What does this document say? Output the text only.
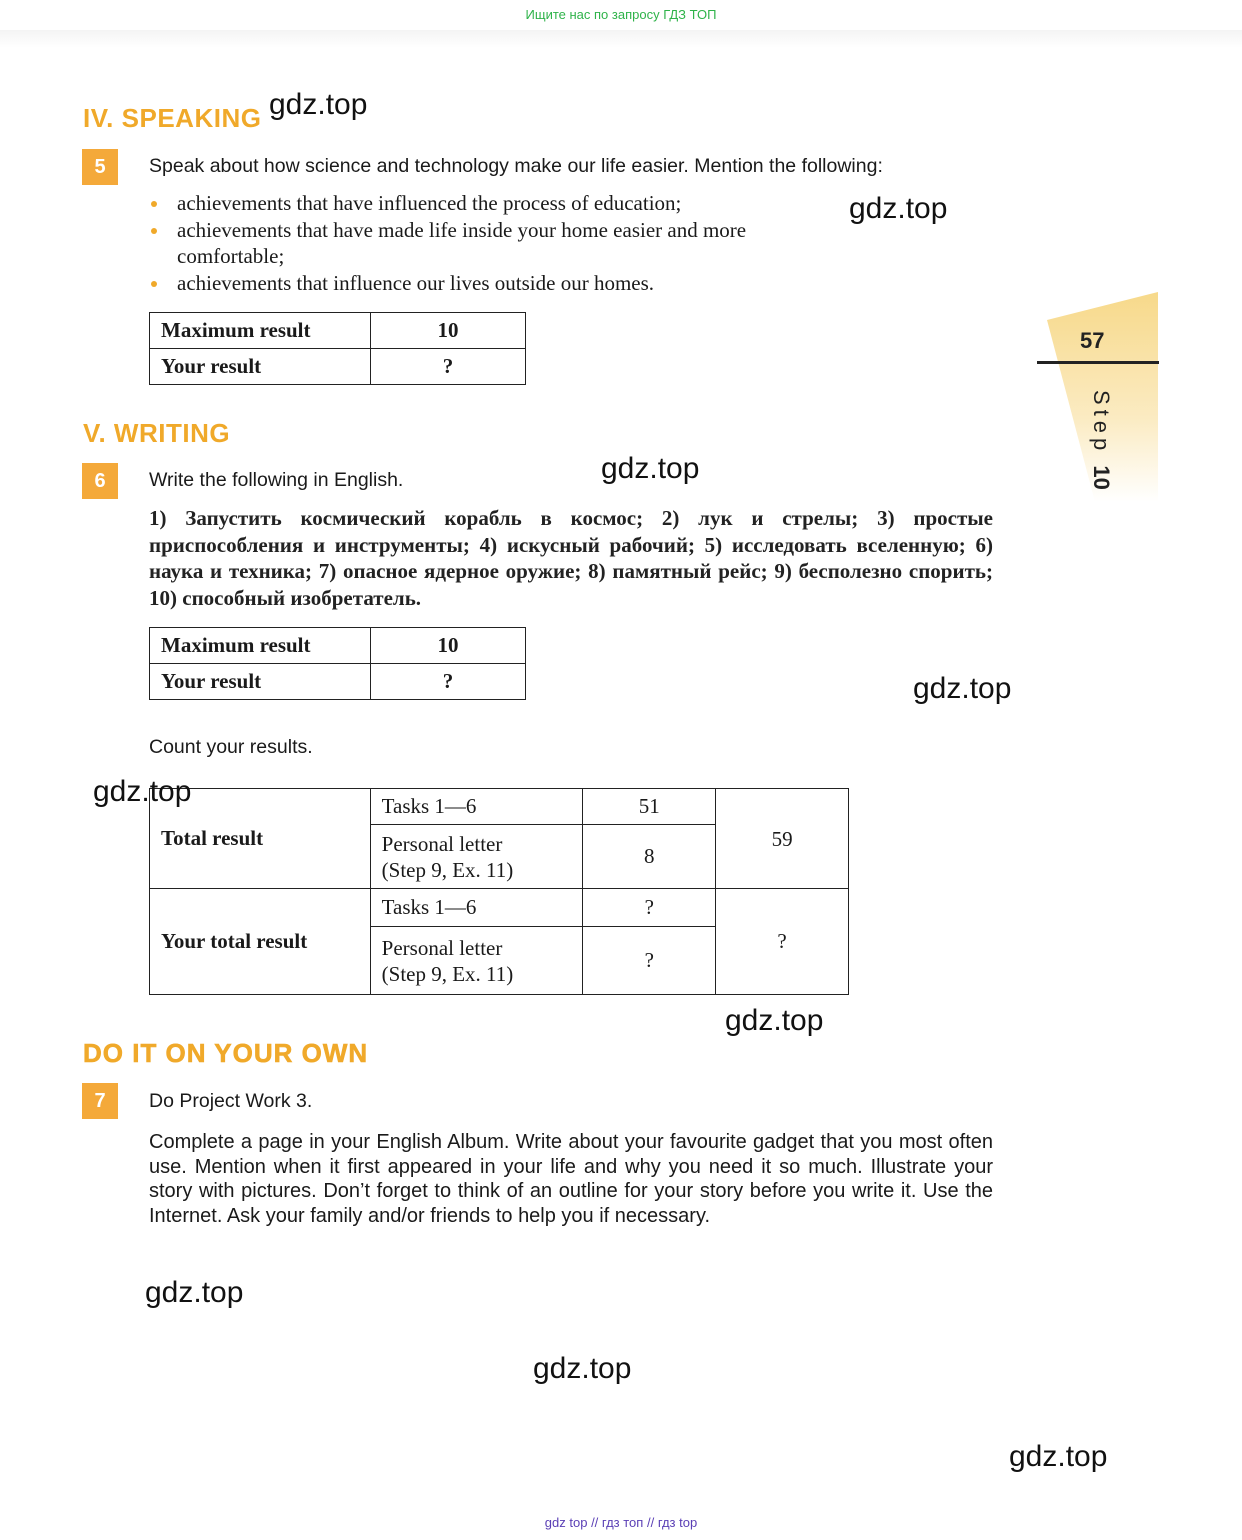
Ищите нас по запросу ГДЗ ТОП
57
Step 10
IV. SPEAKING gdz.top
5	Speak about how science and technology make our life easier. Mention the following:
achievements that have influenced the process of education;
achievements that have made life inside your home easier and more comfortable;
achievements that influence our lives outside our homes.
gdz.top
Maximum result	10
Your result	?
V. WRITING
6	Write the following in English.	gdz.top
1) Запустить космический корабль в космос; 2) лук и стрелы; 3) простые приспособления и инструменты; 4) искусный рабочий; 5) исследовать вселенную; 6) наука и техника; 7) опасное ядерное оружие; 8) памятный рейс; 9) бесполезно спорить; 10) способный изобретатель.
Maximum result	10
Your result	?	gdz.top
Count your results.
Total result	Tasks 1—6	51	59

	Personal letter
(Step 9, Ex. 11)	8	
Your total result	Tasks 1—6	?	?

	Personal letter
(Step 9, Ex. 11)	?	
gdz.top
gdz.top
DO IT ON YOUR OWN
7	Do Project Work 3.
Complete a page in your English Album. Write about your favourite gadget that you most often use. Mention when it first appeared in your life and why you need it so much. Illustrate your story with pictures. Don’t forget to think of an outline for your story before you write it. Use the Internet. Ask your family and/or friends to help you if necessary.
gdz.top
gdz.top
gdz.top
gdz top // гдз топ // гдз top
